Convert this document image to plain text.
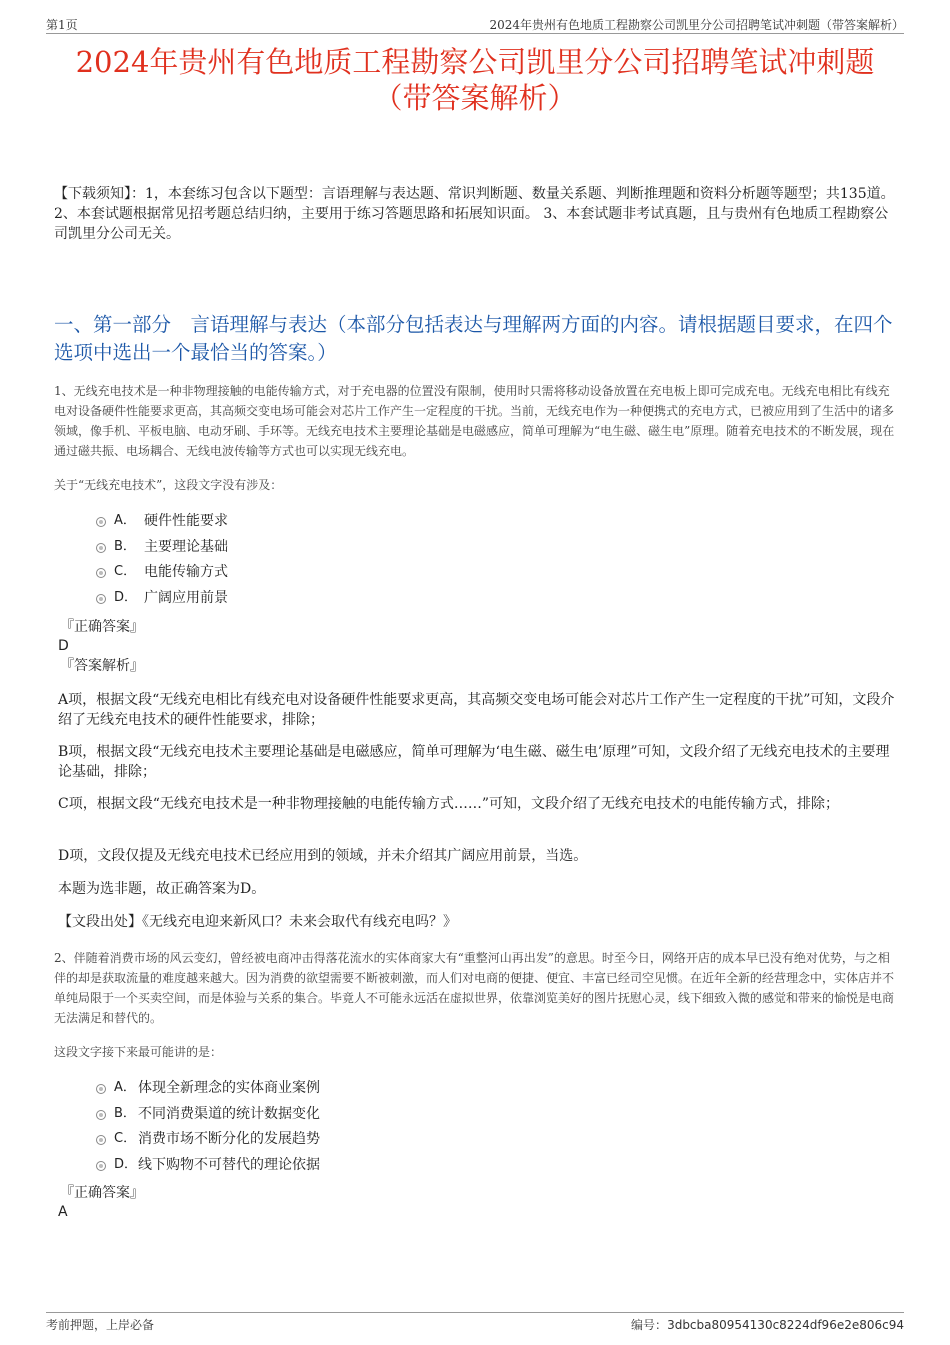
第1页	2024年贵州有色地质工程勘察公司凯里分公司招聘笔试冲刺题（带答案解析）
2024年贵州有色地质工程勘察公司凯里分公司招聘笔试冲刺题
（带答案解析）
【下载须知】：1，本套练习包含以下题型：言语理解与表达题、常识判断题、数量关系题、判断推理题和资料分析题等题型；共135道。 2、本套试题根据常见招考题总结归纳，主要用于练习答题思路和拓展知识面。 3、本套试题非考试真题，且与贵州有色地质工程勘察公司凯里分公司无关。
一、第一部分　言语理解与表达（本部分包括表达与理解两方面的内容。请根据题目要求，在四个选项中选出一个最恰当的答案。）
1、无线充电技术是一种非物理接触的电能传输方式，对于充电器的位置没有限制，使用时只需将移动设备放置在充电板上即可完成充电。无线充电相比有线充电对设备硬件性能要求更高，其高频交变电场可能会对芯片工作产生一定程度的干扰。当前，无线充电作为一种便携式的充电方式，已被应用到了生活中的诸多领域，像手机、平板电脑、电动牙刷、手环等。无线充电技术主要理论基础是电磁感应，简单可理解为“电生磁、磁生电”原理。随着充电技术的不断发展，现在通过磁共振、电场耦合、无线电波传输等方式也可以实现无线充电。
关于“无线充电技术”，这段文字没有涉及：
A． 硬件性能要求
B． 主要理论基础
C． 电能传输方式
D． 广阔应用前景
『正确答案』
D
『答案解析』
A项，根据文段“无线充电相比有线充电对设备硬件性能要求更高，其高频交变电场可能会对芯片工作产生一定程度的干扰”可知，文段介绍了无线充电技术的硬件性能要求，排除；
B项，根据文段“无线充电技术主要理论基础是电磁感应，简单可理解为‘电生磁、磁生电’原理”可知，文段介绍了无线充电技术的主要理论基础，排除；
C项，根据文段“无线充电技术是一种非物理接触的电能传输方式……”可知，文段介绍了无线充电技术的电能传输方式，排除；
D项，文段仅提及无线充电技术已经应用到的领域，并未介绍其广阔应用前景，当选。
本题为选非题，故正确答案为D。
【文段出处】《无线充电迎来新风口？未来会取代有线充电吗？》
2、伴随着消费市场的风云变幻，曾经被电商冲击得落花流水的实体商家大有“重整河山再出发”的意思。时至今日，网络开店的成本早已没有绝对优势，与之相伴的却是获取流量的难度越来越大。因为消费的欲望需要不断被刺激，而人们对电商的便捷、便宜、丰富已经司空见惯。在近年全新的经营理念中，实体店并不单纯局限于一个买卖空间，而是体验与关系的集合。毕竟人不可能永远活在虚拟世界，依靠浏览美好的图片抚慰心灵，线下细致入微的感觉和带来的愉悦是电商无法满足和替代的。
这段文字接下来最可能讲的是：
A． 体现全新理念的实体商业案例
B． 不同消费渠道的统计数据变化
C． 消费市场不断分化的发展趋势
D． 线下购物不可替代的理论依据
『正确答案』
A
考前押题，上岸必备	编号：3dbcba80954130c8224df96e2e806c94
